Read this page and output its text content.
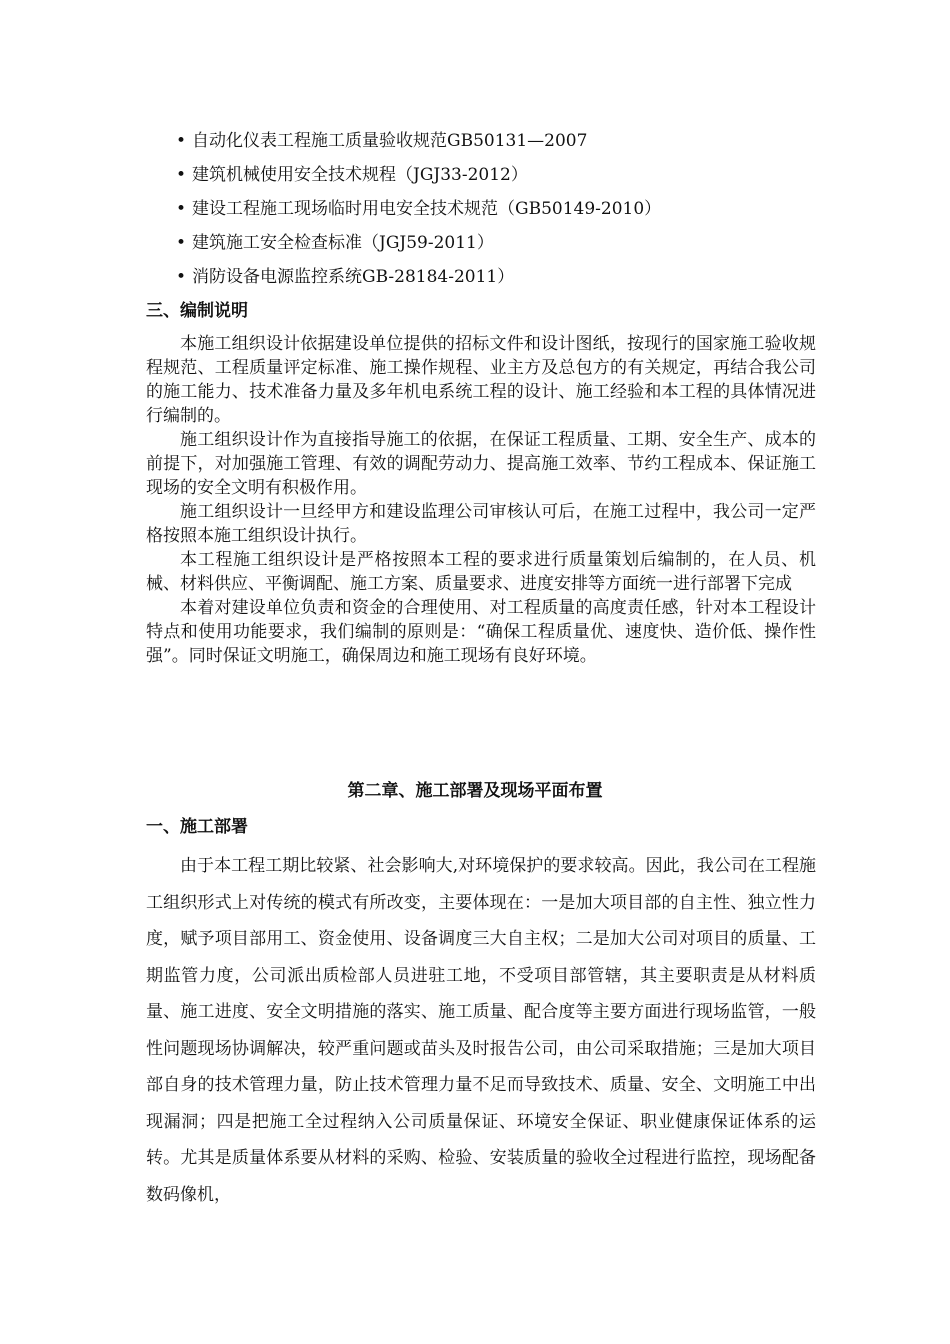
• 自动化仪表工程施工质量验收规范GB50131—2007
• 建筑机械使用安全技术规程（JGJ33-2012）
• 建设工程施工现场临时用电安全技术规范（GB50149-2010）
• 建筑施工安全检查标准（JGJ59-2011）
• 消防设备电源监控系统GB-28184-2011）
三、编制说明

本施工组织设计依据建设单位提供的招标文件和设计图纸，按现行的国家施工验收规程规范、工程质量评定标准、施工操作规程、业主方及总包方的有关规定，再结合我公司的施工能力、技术准备力量及多年机电系统工程的设计、施工经验和本工程的具体情况进行编制的。

施工组织设计作为直接指导施工的依据，在保证工程质量、工期、安全生产、成本的前提下，对加强施工管理、有效的调配劳动力、提高施工效率、节约工程成本、保证施工现场的安全文明有积极作用。

施工组织设计一旦经甲方和建设监理公司审核认可后，在施工过程中，我公司一定严格按照本施工组织设计执行。

本工程施工组织设计是严格按照本工程的要求进行质量策划后编制的，在人员、机械、材料供应、平衡调配、施工方案、质量要求、进度安排等方面统一进行部署下完成

本着对建设单位负责和资金的合理使用、对工程质量的高度责任感，针对本工程设计特点和使用功能要求，我们编制的原则是：“确保工程质量优、速度快、造价低、操作性强”。同时保证文明施工，确保周边和施工现场有良好环境。

第二章、施工部署及现场平面布置
一、施工部署

由于本工程工期比较紧、社会影响大,对环境保护的要求较高。因此，我公司在工程施工组织形式上对传统的模式有所改变，主要体现在：一是加大项目部的自主性、独立性力度，赋予项目部用工、资金使用、设备调度三大自主权；二是加大公司对项目的质量、工期监管力度，公司派出质检部人员进驻工地，不受项目部管辖，其主要职责是从材料质量、施工进度、安全文明措施的落实、施工质量、配合度等主要方面进行现场监管，一般性问题现场协调解决，较严重问题或苗头及时报告公司，由公司采取措施；三是加大项目部自身的技术管理力量，防止技术管理力量不足而导致技术、质量、安全、文明施工中出现漏洞；四是把施工全过程纳入公司质量保证、环境安全保证、职业健康保证体系的运转。尤其是质量体系要从材料的采购、检验、安装质量的验收全过程进行监控，现场配备数码像机，
